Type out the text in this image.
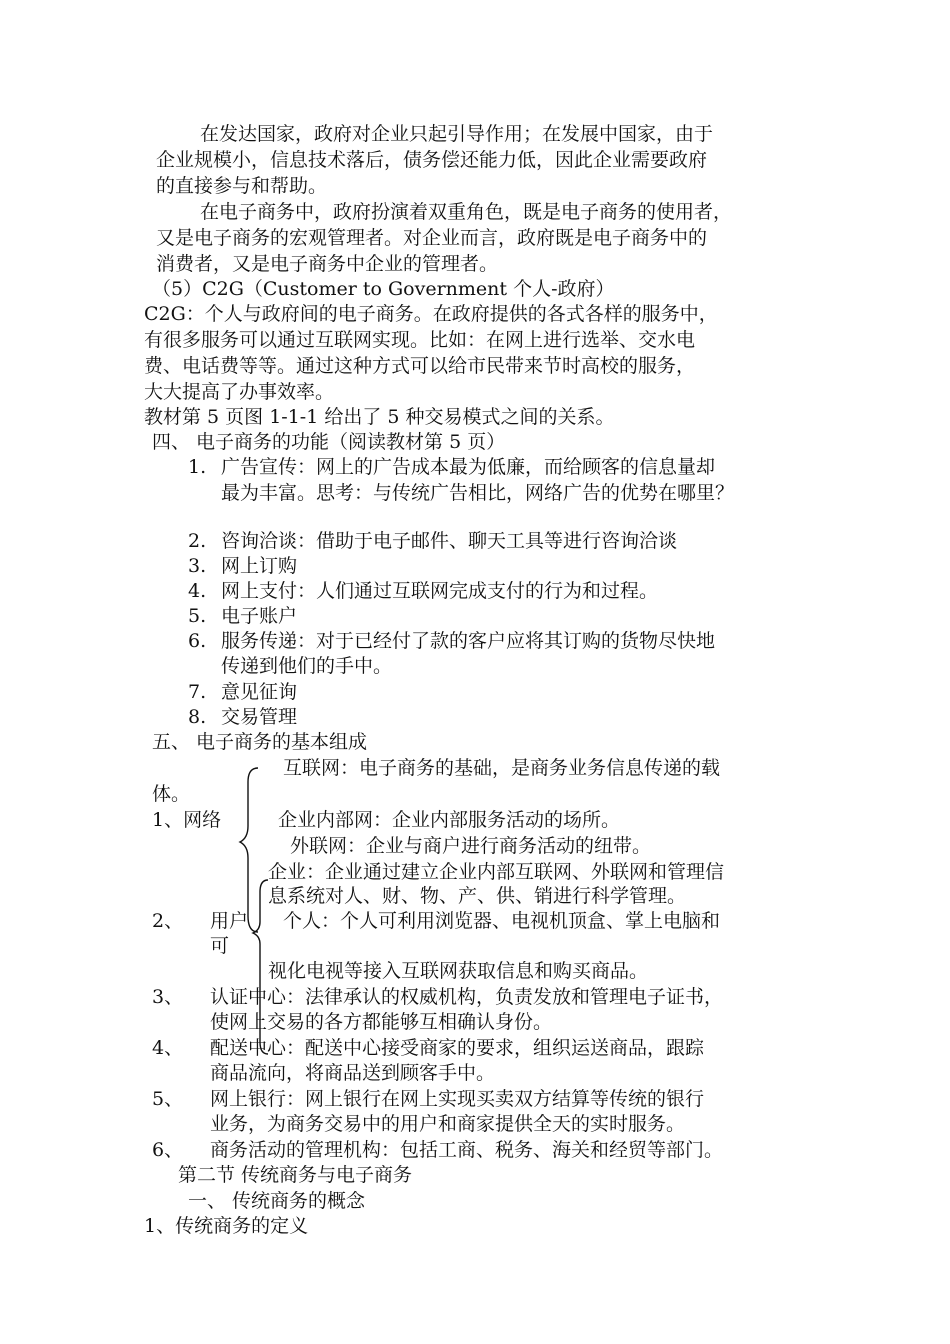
在发达国家，政府对企业只起引导作用；在发展中国家，由于

企业规模小，信息技术落后，债务偿还能力低，因此企业需要政府

的直接参与和帮助。

在电子商务中，政府扮演着双重角色，既是电子商务的使用者，

又是电子商务的宏观管理者。对企业而言，政府既是电子商务中的

消费者，又是电子商务中企业的管理者。

（5）C2G（Customer to Government 个人-政府）

C2G：个人与政府间的电子商务。在政府提供的各式各样的服务中，

有很多服务可以通过互联网实现。比如：在网上进行选举、交水电

费、电话费等等。通过这种方式可以给市民带来节时高校的服务，

大大提高了办事效率。

教材第 5 页图 1-1-1 给出了 5 种交易模式之间的关系。

四、 电子商务的功能（阅读教材第 5 页）

1. 广告宣传：网上的广告成本最为低廉，而给顾客的信息量却

最为丰富。思考：与传统广告相比，网络广告的优势在哪里？

2. 咨询洽谈：借助于电子邮件、聊天工具等进行咨询洽谈

3. 网上订购

4. 网上支付：人们通过互联网完成支付的行为和过程。

5. 电子账户

6. 服务传递：对于已经付了款的客户应将其订购的货物尽快地

传递到他们的手中。

7. 意见征询

8. 交易管理

五、 电子商务的基本组成

互联网：电子商务的基础，是商务业务信息传递的载

体。

1、网络	企业内部网：企业内部服务活动的场所。

外联网：企业与商户进行商务活动的纽带。

企业：企业通过建立企业内部互联网、外联网和管理信

息系统对人、财、物、产、供、销进行科学管理。

2、 用户 个人：个人可利用浏览器、电视机顶盒、掌上电脑和

可

视化电视等接入互联网获取信息和购买商品。

3、 认证中心：法律承认的权威机构，负责发放和管理电子证书，

使网上交易的各方都能够互相确认身份。

4、 配送中心：配送中心接受商家的要求，组织运送商品，跟踪

商品流向，将商品送到顾客手中。

5、 网上银行：网上银行在网上实现买卖双方结算等传统的银行

业务，为商务交易中的用户和商家提供全天的实时服务。

6、 商务活动的管理机构：包括工商、税务、海关和经贸等部门。

第二节 传统商务与电子商务

一、 传统商务的概念

1、传统商务的定义
